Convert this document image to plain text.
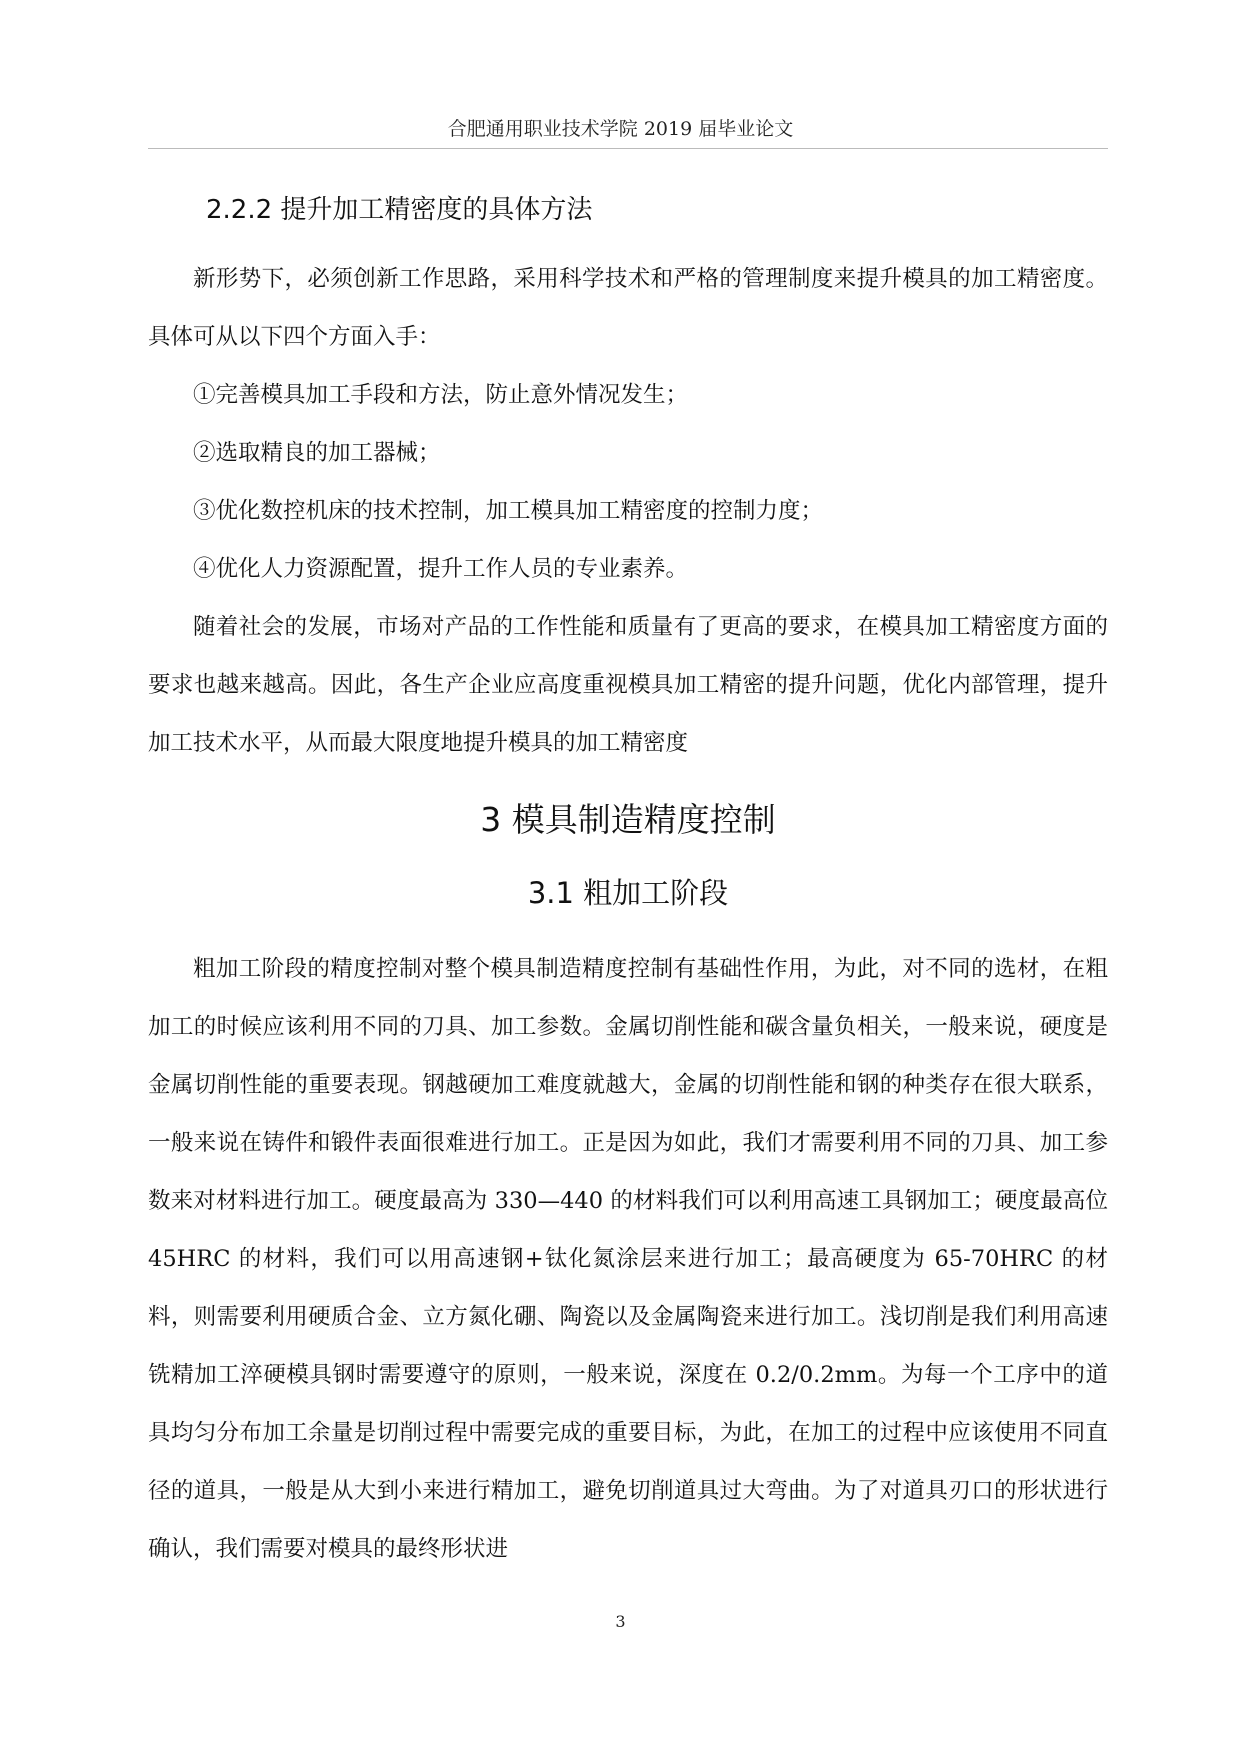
合肥通用职业技术学院 2019 届毕业论文
2.2.2 提升加工精密度的具体方法

新形势下，必须创新工作思路，采用科学技术和严格的管理制度来提升模具的加工精密度。具体可从以下四个方面入手：

①完善模具加工手段和方法，防止意外情况发生；

②选取精良的加工器械；

③优化数控机床的技术控制，加工模具加工精密度的控制力度；

④优化人力资源配置，提升工作人员的专业素养。

随着社会的发展，市场对产品的工作性能和质量有了更高的要求，在模具加工精密度方面的要求也越来越高。因此，各生产企业应高度重视模具加工精密的提升问题，优化内部管理，提升加工技术水平，从而最大限度地提升模具的加工精密度

3 模具制造精度控制
3.1 粗加工阶段

粗加工阶段的精度控制对整个模具制造精度控制有基础性作用，为此，对不同的选材，在粗加工的时候应该利用不同的刀具、加工参数。金属切削性能和碳含量负相关，一般来说，硬度是金属切削性能的重要表现。钢越硬加工难度就越大，金属的切削性能和钢的种类存在很大联系，一般来说在铸件和锻件表面很难进行加工。正是因为如此，我们才需要利用不同的刀具、加工参数来对材料进行加工。硬度最高为 330—440 的材料我们可以利用高速工具钢加工；硬度最高位 45HRC 的材料，我们可以用高速钢+钛化氮涂层来进行加工；最高硬度为 65-70HRC 的材料，则需要利用硬质合金、立方氮化硼、陶瓷以及金属陶瓷来进行加工。浅切削是我们利用高速铣精加工淬硬模具钢时需要遵守的原则，一般来说，深度在 0.2/0.2mm。为每一个工序中的道具均匀分布加工余量是切削过程中需要完成的重要目标，为此，在加工的过程中应该使用不同直径的道具，一般是从大到小来进行精加工，避免切削道具过大弯曲。为了对道具刃口的形状进行确认，我们需要对模具的最终形状进

3
